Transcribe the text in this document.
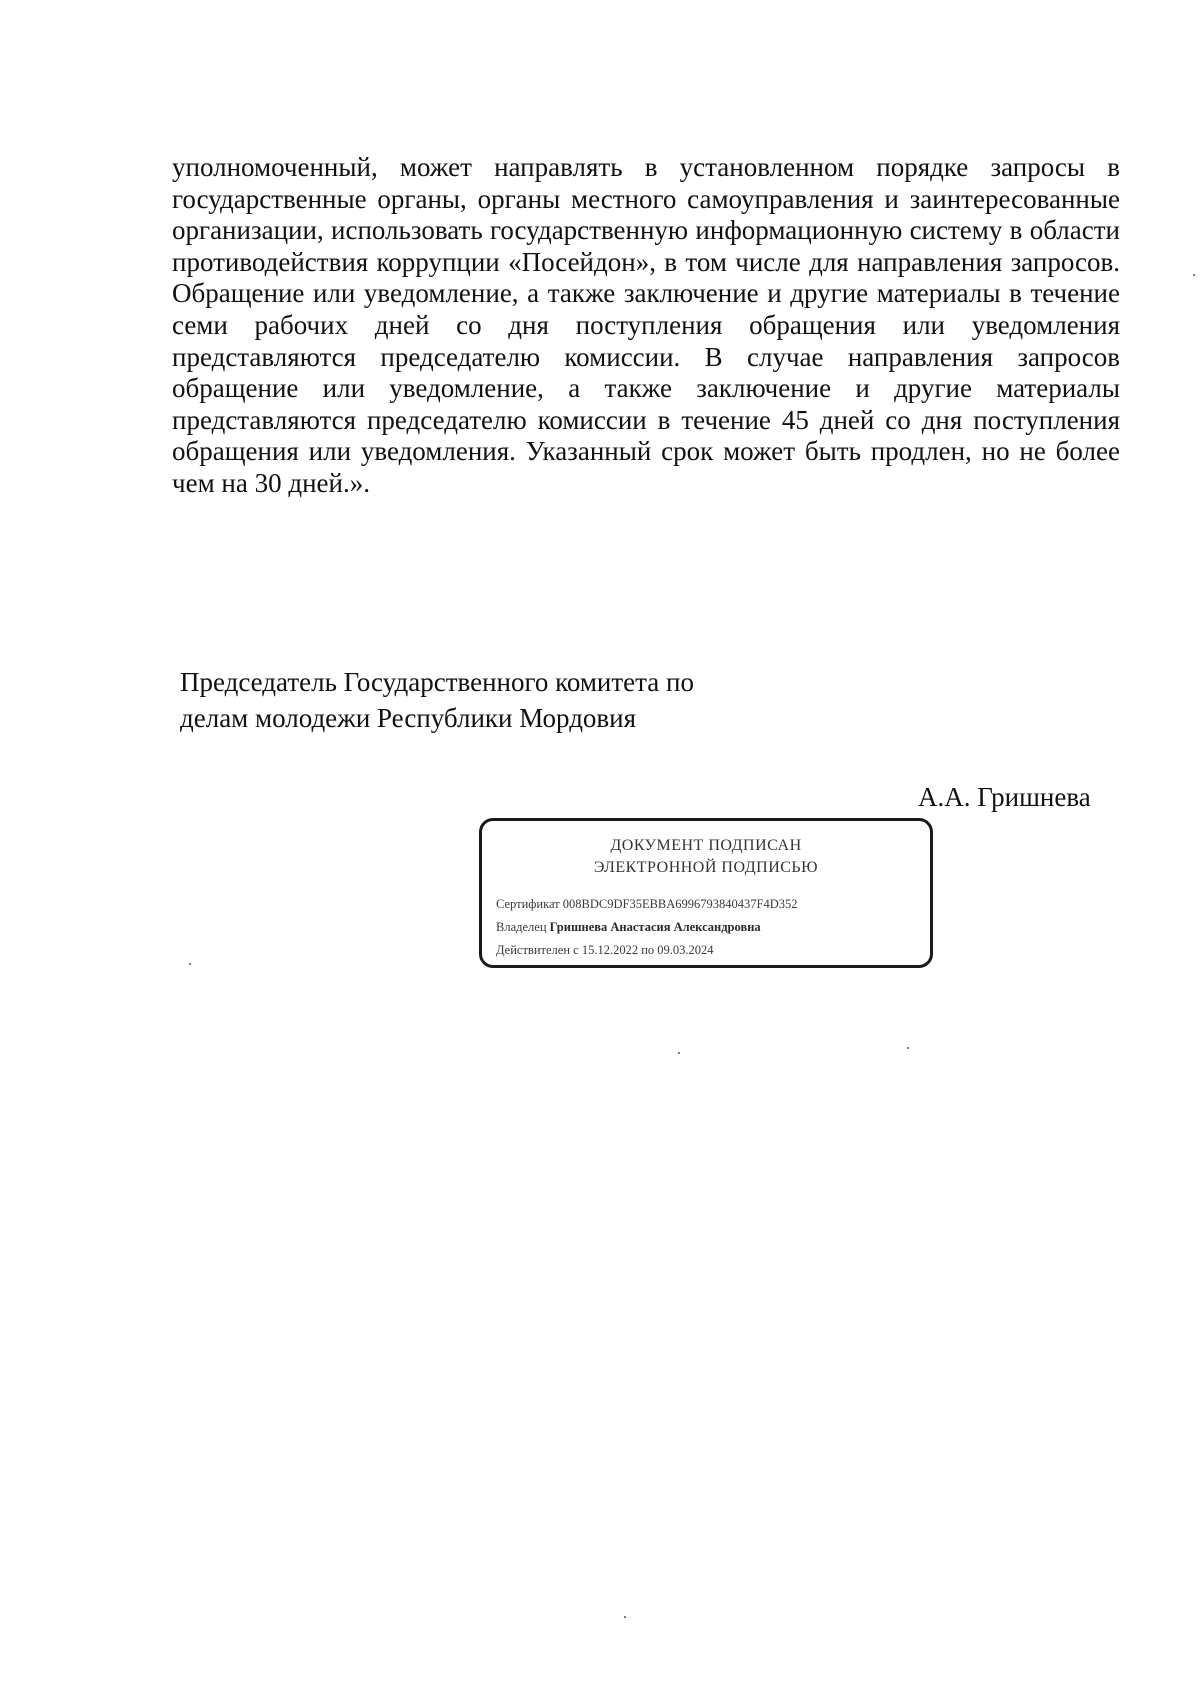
уполномоченный, может направлять в установленном порядке запросы в государственные органы, органы местного самоуправления и заинтересованные организации, использовать государственную информационную систему в области противодействия коррупции «Посейдон», в том числе для направления запросов. Обращение или уведомление, а также заключение и другие материалы в течение семи рабочих дней со дня поступления обращения или уведомления представляются председателю комиссии. В случае направления запросов обращение или уведомление, а также заключение и другие материалы представляются председателю комиссии в течение 45 дней со дня поступления обращения или уведомления. Указанный срок может быть продлен, но не более чем на 30 дней.».

Председатель Государственного комитета по
делам молодежи Республики Мордовия
А.А. Гришнева
ДОКУМЕНТ ПОДПИСАН
ЭЛЕКТРОННОЙ ПОДПИСЬЮ
Сертификат 008BDC9DF35EBBA6996793840437F4D352
Владелец Гришнева Анастасия Александровна
Действителен с 15.12.2022 по 09.03.2024
